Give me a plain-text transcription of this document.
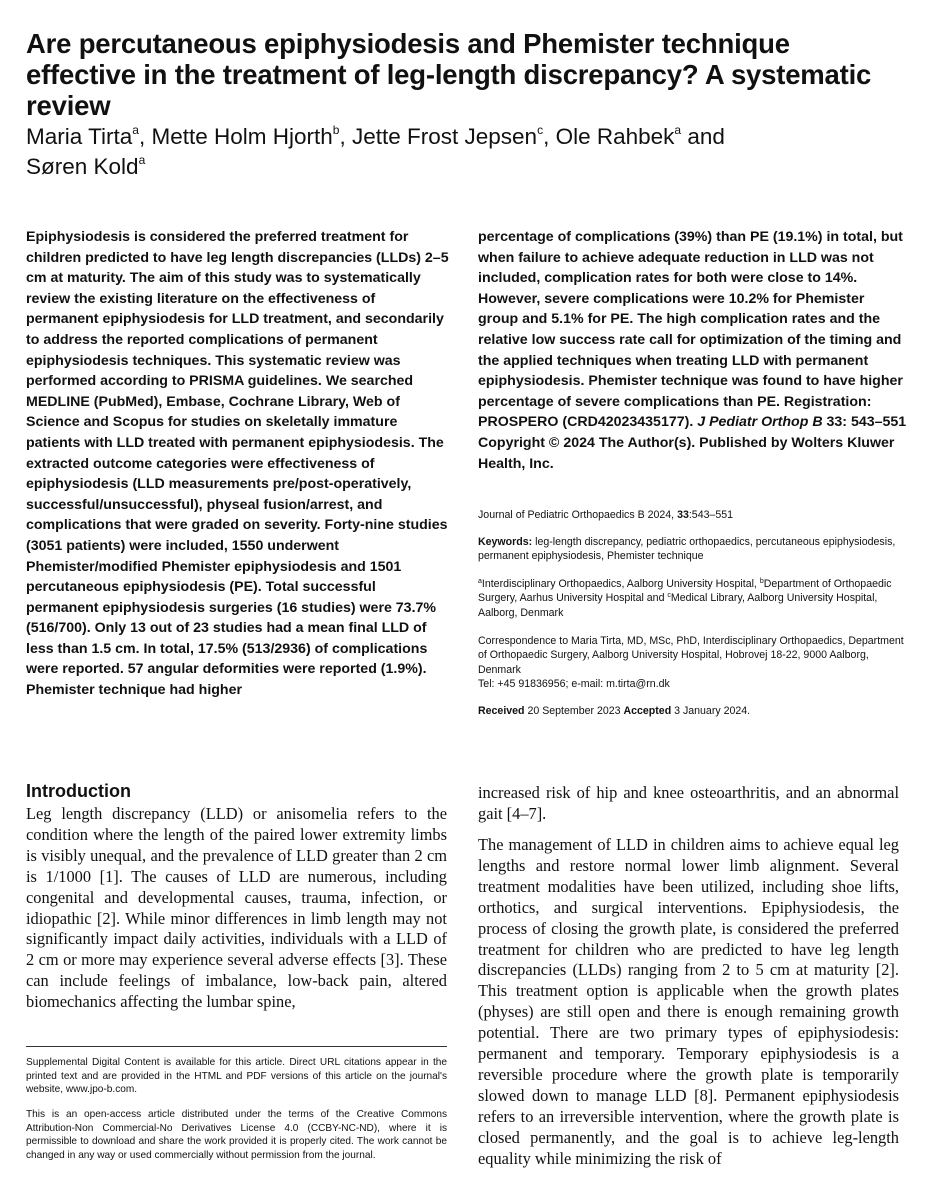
Are percutaneous epiphysiodesis and Phemister technique effective in the treatment of leg-length discrepancy? A systematic review
Maria Tirta$^a$, Mette Holm Hjorth$^b$, Jette Frost Jepsen$^c$, Ole Rahbek$^a$ and
Søren Kold$^a$
Epiphysiodesis is considered the preferred treatment for children predicted to have leg length discrepancies (LLDs) 2–5 cm at maturity. The aim of this study was to systematically review the existing literature on the effectiveness of permanent epiphysiodesis for LLD treatment, and secondarily to address the reported complications of permanent epiphysiodesis techniques. This systematic review was performed according to PRISMA guidelines. We searched MEDLINE (PubMed), Embase, Cochrane Library, Web of Science and Scopus for studies on skeletally immature patients with LLD treated with permanent epiphysiodesis. The extracted outcome categories were effectiveness of epiphysiodesis (LLD measurements pre/post-operatively, successful/unsuccessful), physeal fusion/arrest, and complications that were graded on severity. Forty-nine studies (3051 patients) were included, 1550 underwent Phemister/modified Phemister epiphysiodesis and 1501 percutaneous epiphysiodesis (PE). Total successful permanent epiphysiodesis surgeries (16 studies) were 73.7% (516/700). Only 13 out of 23 studies had a mean final LLD of less than 1.5 cm. In total, 17.5% (513/2936) of complications were reported. 57 angular deformities were reported (1.9%). Phemister technique had higher
percentage of complications (39%) than PE (19.1%) in total, but when failure to achieve adequate reduction in LLD was not included, complication rates for both were close to 14%. However, severe complications were 10.2% for Phemister group and 5.1% for PE. The high complication rates and the relative low success rate call for optimization of the timing and the applied techniques when treating LLD with permanent epiphysiodesis. Phemister technique was found to have higher percentage of severe complications than PE. Registration: PROSPERO (CRD42023435177). J Pediatr Orthop B 33: 543–551
Copyright © 2024 The Author(s). Published by Wolters Kluwer Health, Inc.
Journal of Pediatric Orthopaedics B 2024, 33:543–551
Keywords: leg-length discrepancy, pediatric orthopaedics, percutaneous epiphysiodesis, permanent epiphysiodesis, Phemister technique
$^a$Interdisciplinary Orthopaedics, Aalborg University Hospital, $^b$Department of Orthopaedic Surgery, Aarhus University Hospital and $^c$Medical Library, Aalborg University Hospital, Aalborg, Denmark
Correspondence to Maria Tirta, MD, MSc, PhD, Interdisciplinary Orthopaedics, Department of Orthopaedic Surgery, Aalborg University Hospital, Hobrovej 18-22, 9000 Aalborg, Denmark
Tel: +45 91836956; e-mail: m.tirta@rn.dk
Received 20 September 2023 Accepted 3 January 2024.
Introduction

Leg length discrepancy (LLD) or anisomelia refers to the condition where the length of the paired lower extremity limbs is visibly unequal, and the prevalence of LLD greater than 2 cm is 1/1000 [1]. The causes of LLD are numerous, including congenital and developmental causes, trauma, infection, or idiopathic [2]. While minor differences in limb length may not significantly impact daily activities, individuals with a LLD of 2 cm or more may experience several adverse effects [3]. These can include feelings of imbalance, low-back pain, altered biomechanics affecting the lumbar spine,

increased risk of hip and knee osteoarthritis, and an abnormal gait [4–7].

The management of LLD in children aims to achieve equal leg lengths and restore normal lower limb alignment. Several treatment modalities have been utilized, including shoe lifts, orthotics, and surgical interventions. Epiphysiodesis, the process of closing the growth plate, is considered the preferred treatment for children who are predicted to have leg length discrepancies (LLDs) ranging from 2 to 5 cm at maturity [2]. This treatment option is applicable when the growth plates (physes) are still open and there is enough remaining growth potential. There are two primary types of epiphysiodesis: permanent and temporary. Temporary epiphysiodesis is a reversible procedure where the growth plate is temporarily slowed down to manage LLD [8]. Permanent epiphysiodesis refers to an irreversible intervention, where the growth plate is closed permanently, and the goal is to achieve leg-length equality while minimizing the risk of

Supplemental Digital Content is available for this article. Direct URL citations appear in the printed text and are provided in the HTML and PDF versions of this article on the journal's website, www.jpo-b.com.

This is an open-access article distributed under the terms of the Creative Commons Attribution-Non Commercial-No Derivatives License 4.0 (CCBY-NC-ND), where it is permissible to download and share the work provided it is properly cited. The work cannot be changed in any way or used commercially without permission from the journal.
